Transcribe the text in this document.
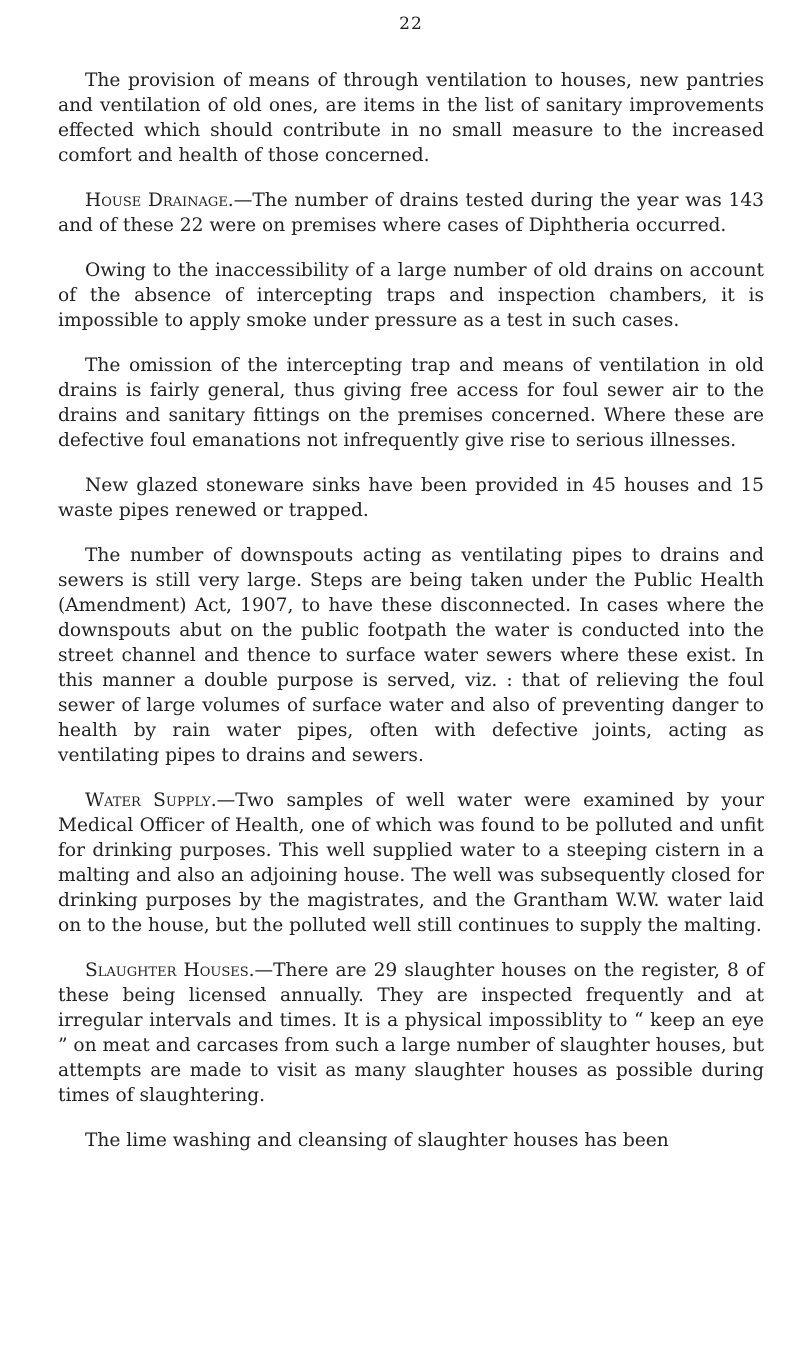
22

The provision of means of through ventilation to houses, new pantries and ventilation of old ones, are items in the list of sanitary improvements effected which should contribute in no small measure to the increased comfort and health of those concerned.

House Drainage.—The number of drains tested during the year was 143 and of these 22 were on premises where cases of Diphtheria occurred.

Owing to the inaccessibility of a large number of old drains on account of the absence of intercepting traps and inspection chambers, it is impossible to apply smoke under pressure as a test in such cases.

The omission of the intercepting trap and means of ventilation in old drains is fairly general, thus giving free access for foul sewer air to the drains and sanitary fittings on the premises concerned. Where these are defective foul emanations not infrequently give rise to serious illnesses.

New glazed stoneware sinks have been provided in 45 houses and 15 waste pipes renewed or trapped.

The number of downspouts acting as ventilating pipes to drains and sewers is still very large. Steps are being taken under the Public Health (Amendment) Act, 1907, to have these disconnected. In cases where the downspouts abut on the public footpath the water is conducted into the street channel and thence to surface water sewers where these exist. In this manner a double purpose is served, viz. : that of relieving the foul sewer of large volumes of surface water and also of preventing danger to health by rain water pipes, often with defective joints, acting as ventilating pipes to drains and sewers.

Water Supply.—Two samples of well water were examined by your Medical Officer of Health, one of which was found to be polluted and unfit for drinking purposes. This well supplied water to a steeping cistern in a malting and also an adjoining house. The well was subsequently closed for drinking purposes by the magistrates, and the Grantham W.W. water laid on to the house, but the polluted well still continues to supply the malting.

Slaughter Houses.—There are 29 slaughter houses on the register, 8 of these being licensed annually. They are inspected frequently and at irregular intervals and times. It is a physical impossiblity to “ keep an eye ” on meat and carcases from such a large number of slaughter houses, but attempts are made to visit as many slaughter houses as possible during times of slaughtering.

The lime washing and cleansing of slaughter houses has been
